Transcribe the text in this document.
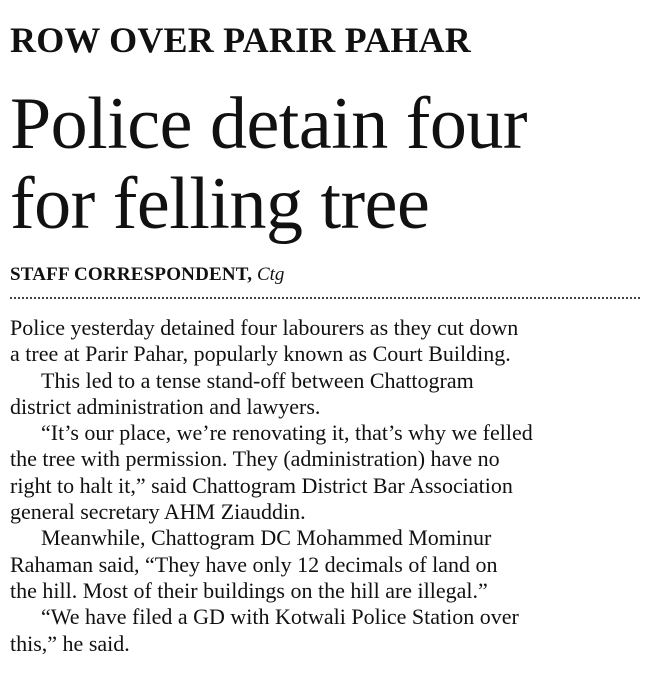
ROW OVER PARIR PAHAR
Police detain four
for felling tree
STAFF CORRESPONDENT, Ctg

Police yesterday detained four labourers as they cut down
a tree at Parir Pahar, popularly known as Court Building.

This led to a tense stand-off between Chattogram
district administration and lawyers.

“It’s our place, we’re renovating it, that’s why we felled
the tree with permission. They (administration) have no
right to halt it,” said Chattogram District Bar Association
general secretary AHM Ziauddin.

Meanwhile, Chattogram DC Mohammed Mominur
Rahaman said, “They have only 12 decimals of land on
the hill. Most of their buildings on the hill are illegal.”

“We have filed a GD with Kotwali Police Station over
this,” he said.
